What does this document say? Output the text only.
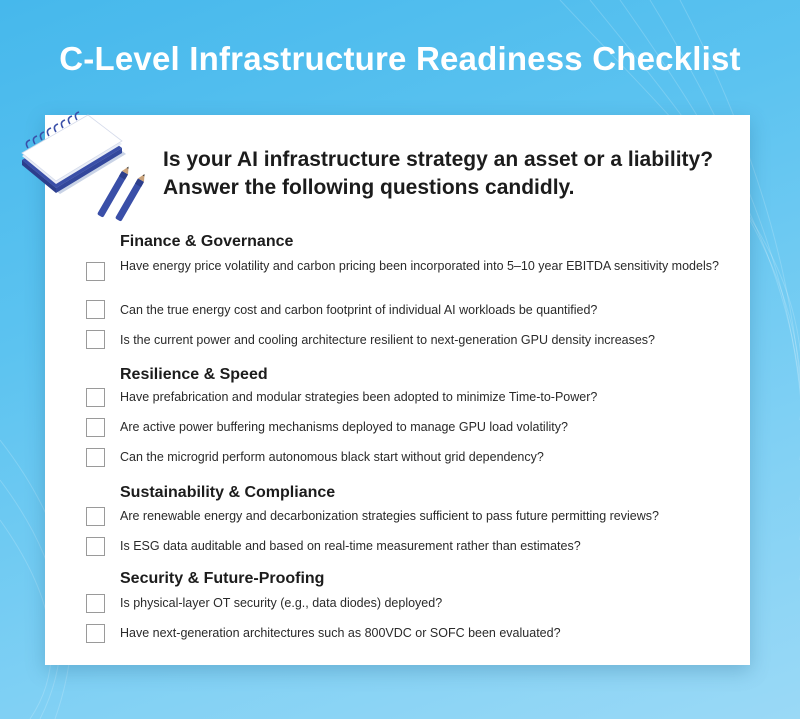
C-Level Infrastructure Readiness Checklist
Is your AI infrastructure strategy an asset or a liability?
Answer the following questions candidly.
Finance & Governance
Have energy price volatility and carbon pricing been incorporated into 5–10 year EBITDA sensitivity models?
Can the true energy cost and carbon footprint of individual AI workloads be quantified?
Is the current power and cooling architecture resilient to next-generation GPU density increases?
Resilience & Speed
Have prefabrication and modular strategies been adopted to minimize Time-to-Power?
Are active power buffering mechanisms deployed to manage GPU load volatility?
Can the microgrid perform autonomous black start without grid dependency?
Sustainability & Compliance
Are renewable energy and decarbonization strategies sufficient to pass future permitting reviews?
Is ESG data auditable and based on real-time measurement rather than estimates?
Security & Future-Proofing
Is physical-layer OT security (e.g., data diodes) deployed?
Have next-generation architectures such as 800VDC or SOFC been evaluated?
